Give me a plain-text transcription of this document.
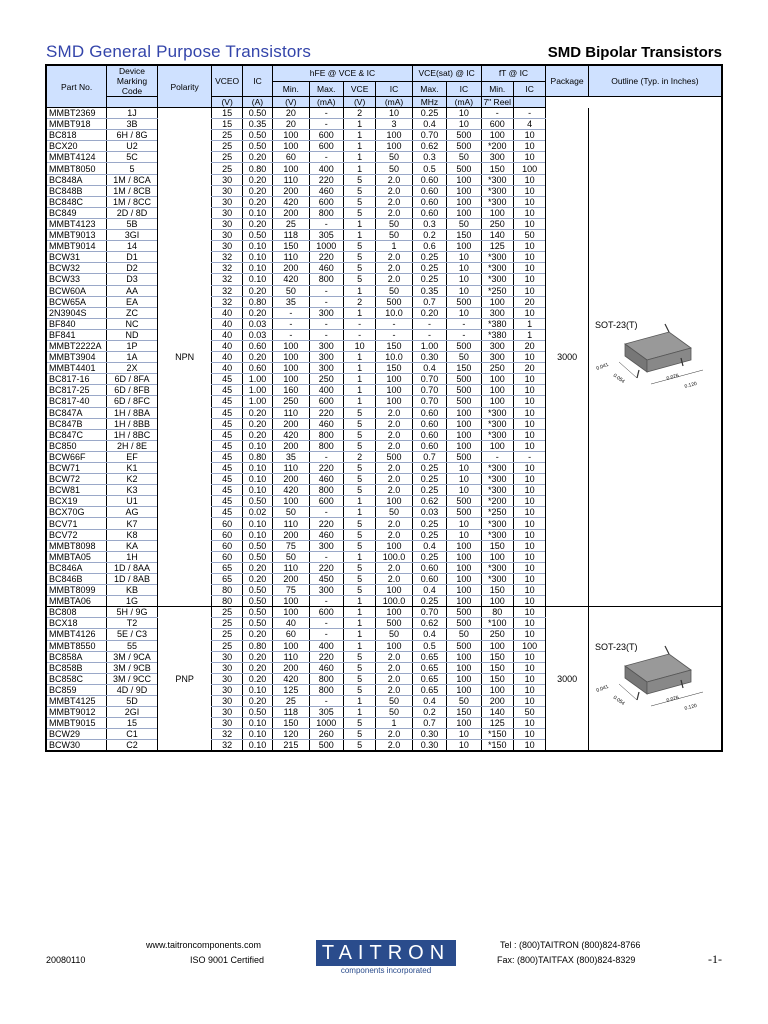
SMD General Purpose Transistors	SMD Bipolar Transistors
Part No.	Device Marking Code	Polarity	VCEO	IC	hFE @ VCE & IC				VCE(sat) @ IC		fT @ IC		Package	Outline (Typ. in Inches)
					Min.	Max.	VCE	IC	Max.	IC	Min.	IC		
			(V)	(A)	(V)	(mA)	(V)	(mA)	MHz	(mA)	7" Reel			
MMBT2369	1J	NPN	15	0.50	20	-	2	10	0.25	10	-	-	3000	SOT-23(T)
0.041
0.054 0.076
0.120

MMBT918	3B		15	0.35	20	-	1	3	0.4	10	600	4		
BC818	6H / 8G		25	0.50	100	600	1	100	0.70	500	100	10		
BCX20	U2		25	0.50	100	600	1	100	0.62	500	*200	10		
MMBT4124	5C		25	0.20	60	-	1	50	0.3	50	300	10		
MMBT8050	5		25	0.80	100	400	1	50	0.5	500	150	100		
BC848A	1M / 8CA		30	0.20	110	220	5	2.0	0.60	100	*300	10		
BC848B	1M / 8CB		30	0.20	200	460	5	2.0	0.60	100	*300	10		
BC848C	1M / 8CC		30	0.20	420	600	5	2.0	0.60	100	*300	10		
BC849	2D / 8D		30	0.10	200	800	5	2.0	0.60	100	100	10		
MMBT4123	5B		30	0.20	25	-	1	50	0.3	50	250	10		
MMBT9013	3GI		30	0.50	118	305	1	50	0.2	150	140	50		
MMBT9014	14		30	0.10	150	1000	5	1	0.6	100	125	10		
BCW31	D1		32	0.10	110	220	5	2.0	0.25	10	*300	10		
BCW32	D2		32	0.10	200	460	5	2.0	0.25	10	*300	10		
BCW33	D3		32	0.10	420	800	5	2.0	0.25	10	*300	10		
BCW60A	AA		32	0.20	50	-	1	50	0.35	10	*250	10		
BCW65A	EA		32	0.80	35	-	2	500	0.7	500	100	20		
2N3904S	ZC		40	0.20	-	300	1	10.0	0.20	10	300	10		
BF840	NC		40	0.03	-	-	-	-	-	-	*380	1		
BF841	ND		40	0.03	-	-	-	-	-	-	*380	1		
MMBT2222A	1P		40	0.60	100	300	10	150	1.00	500	300	20		
MMBT3904	1A		40	0.20	100	300	1	10.0	0.30	50	300	10		
MMBT4401	2X		40	0.60	100	300	1	150	0.4	150	250	20		
BC817-16	6D / 8FA		45	1.00	100	250	1	100	0.70	500	100	10		
BC817-25	6D / 8FB		45	1.00	160	400	1	100	0.70	500	100	10		
BC817-40	6D / 8FC		45	1.00	250	600	1	100	0.70	500	100	10		
BC847A	1H / 8BA		45	0.20	110	220	5	2.0	0.60	100	*300	10		
BC847B	1H / 8BB		45	0.20	200	460	5	2.0	0.60	100	*300	10		
BC847C	1H / 8BC		45	0.20	420	800	5	2.0	0.60	100	*300	10		
BC850	2H / 8E		45	0.10	200	800	5	2.0	0.60	100	100	10		
BCW66F	EF		45	0.80	35	-	2	500	0.7	500	-	-		
BCW71	K1		45	0.10	110	220	5	2.0	0.25	10	*300	10		
BCW72	K2		45	0.10	200	460	5	2.0	0.25	10	*300	10		
BCW81	K3		45	0.10	420	800	5	2.0	0.25	10	*300	10		
BCX19	U1		45	0.50	100	600	1	100	0.62	500	*200	10		
BCX70G	AG		45	0.02	50	-	1	50	0.03	500	*250	10		
BCV71	K7		60	0.10	110	220	5	2.0	0.25	10	*300	10		
BCV72	K8		60	0.10	200	460	5	2.0	0.25	10	*300	10		
MMBT8098	KA		60	0.50	75	300	5	100	0.4	100	150	10		
MMBTA05	1H		60	0.50	50	-	1	100.0	0.25	100	100	10		
BC846A	1D / 8AA		65	0.20	110	220	5	2.0	0.60	100	*300	10		
BC846B	1D / 8AB		65	0.20	200	450	5	2.0	0.60	100	*300	10		
MMBT8099	KB		80	0.50	75	300	5	100	0.4	100	150	10		
MMBTA06	1G		80	0.50	100	-	1	100.0	0.25	100	100	10		
BC808	5H / 9G	PNP	25	0.50	100	600	1	100	0.70	500	80	10	3000	SOT-23(T)
0.041
0.054 0.076
0.120

BCX18	T2		25	0.50	40	-	1	500	0.62	500	*100	10		
MMBT4126	5E / C3		25	0.20	60	-	1	50	0.4	50	250	10		
MMBT8550	55		25	0.80	100	400	1	100	0.5	500	100	100		
BC858A	3M / 9CA		30	0.20	110	220	5	2.0	0.65	100	150	10		
BC858B	3M / 9CB		30	0.20	200	460	5	2.0	0.65	100	150	10		
BC858C	3M / 9CC		30	0.20	420	800	5	2.0	0.65	100	150	10		
BC859	4D / 9D		30	0.10	125	800	5	2.0	0.65	100	100	10		
MMBT4125	5D		30	0.20	25	-	1	50	0.4	50	200	10		
MMBT9012	2GI		30	0.50	118	305	1	50	0.2	150	140	50		
MMBT9015	15		30	0.10	150	1000	5	1	0.7	100	125	10		
BCW29	C1		32	0.10	120	260	5	2.0	0.30	10	*150	10		
BCW30	C2		32	0.10	215	500	5	2.0	0.30	10	*150	10		
20080110
www.taitroncomponents.com
ISO 9001 Certified	TAITRON
components incorporated
Tel : (800)TAITRON (800)824-8766
Fax: (800)TAITFAX (800)824-8329	-1-
